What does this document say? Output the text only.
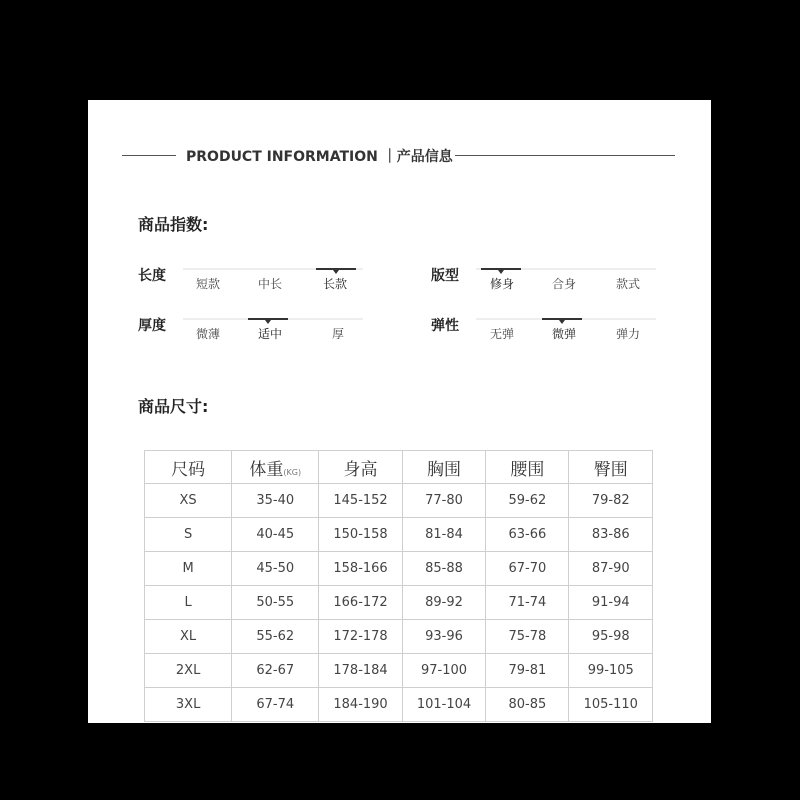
PRODUCT INFORMATION ｜产品信息
商品指数:
长度	短款	中长	长款	版型	修身	合身	款式
厚度	微薄	适中	厚	弹性	无弹	微弹	弹力
商品尺寸:
尺码	体重(KG)	身高	胸围	腰围	臀围
XS	35-40	145-152	77-80	59-62	79-82
S	40-45	150-158	81-84	63-66	83-86
M	45-50	158-166	85-88	67-70	87-90
L	50-55	166-172	89-92	71-74	91-94
XL	55-62	172-178	93-96	75-78	95-98
2XL	62-67	178-184	97-100	79-81	99-105
3XL	67-74	184-190	101-104	80-85	105-110
